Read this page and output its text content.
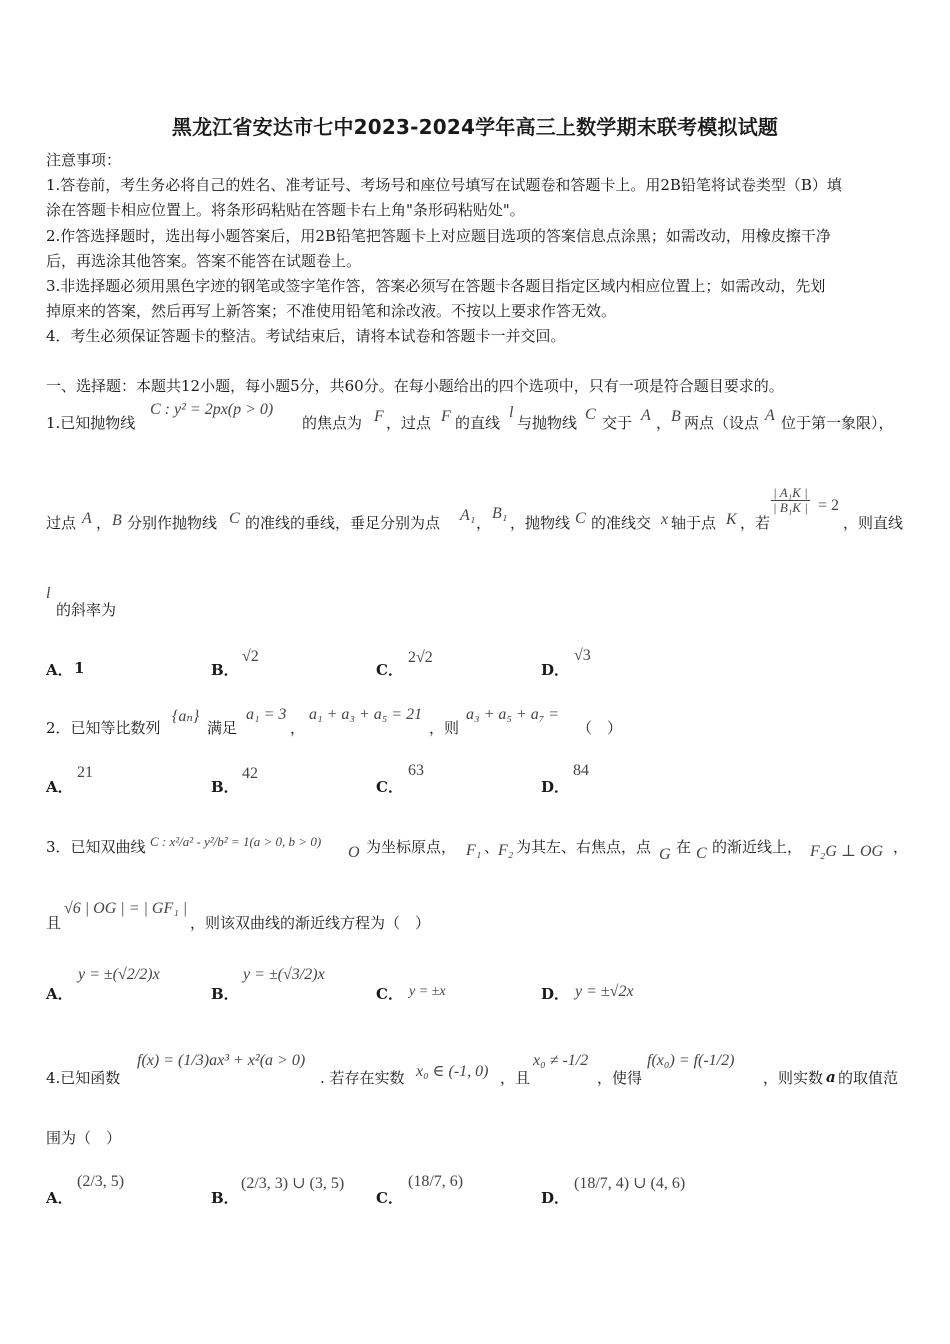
黑龙江省安达市七中2023-2024学年高三上数学期末联考模拟试题
注意事项：
1.答卷前，考生务必将自己的姓名、准考证号、考场号和座位号填写在试题卷和答题卡上。用2B铅笔将试卷类型（B）填
涂在答题卡相应位置上。将条形码粘贴在答题卡右上角"条形码粘贴处"。
2.作答选择题时，选出每小题答案后，用2B铅笔把答题卡上对应题目选项的答案信息点涂黑；如需改动，用橡皮擦干净
后，再选涂其他答案。答案不能答在试题卷上。
3.非选择题必须用黑色字迹的钢笔或签字笔作答，答案必须写在答题卡各题目指定区域内相应位置上；如需改动，先划
掉原来的答案，然后再写上新答案；不准使用铅笔和涂改液。不按以上要求作答无效。
4．考生必须保证答题卡的整洁。考试结束后，请将本试卷和答题卡一并交回。
一、选择题：本题共12小题，每小题5分，共60分。在每小题给出的四个选项中，只有一项是符合题目要求的。
1.已知抛物线
C : y² = 2px(p > 0)
的焦点为 F ，过点 F 的直线
l
与抛物线 C 交于 A ， B 两点（设点 A 位于第一象限），
过点 A ， B 分别作抛物线 C 的准线的垂线，垂足分别为点 A₁ ，
B₁
，抛物线 C 的准线交 x 轴于点 K ，若
$\frac{\text{| A₁K |}}{\text{| B₁K |}} = 2$
，则直线
l
的斜率为
A． 1	B．
√2
C．
2√2
D．
√3
2．已知等比数列
{aₙ}
满足
a₁ = 3
，
a₁ + a₃ + a₅ = 21
，则
a₃ + a₅ + a₇ =
（　）
A．
21
B．
42
C．
63
D．
84
3．已知双曲线 C : x²/a² - y²/b² = 1(a > 0, b > 0)
O 为坐标原点， F₁ 、
F₂ 为其左、右焦点，点 G 在 C 的渐近线上， F₂G ⊥ OG ，
且
√6 | OG | = | GF₁ |
，则该双曲线的渐近线方程为（　）
A．
y = ±(√2/2)x
B．
y = ±(√3/2)x
C． y = ±x	D． y = ±√2x
4.已知函数
f(x) = (1/3)ax³ + x²(a > 0)
. 若存在实数 x₀ ∈ (-1, 0) ，且
x₀ ≠ -1/2
，使得
f(x₀) = f(-1/2)
，则实数 a 的取值范
围为（　）
A．
(2/3, 5)
B．
(2/3, 3) ∪ (3, 5)
C．
(18/7, 6)
D．
(18/7, 4) ∪ (4, 6)
